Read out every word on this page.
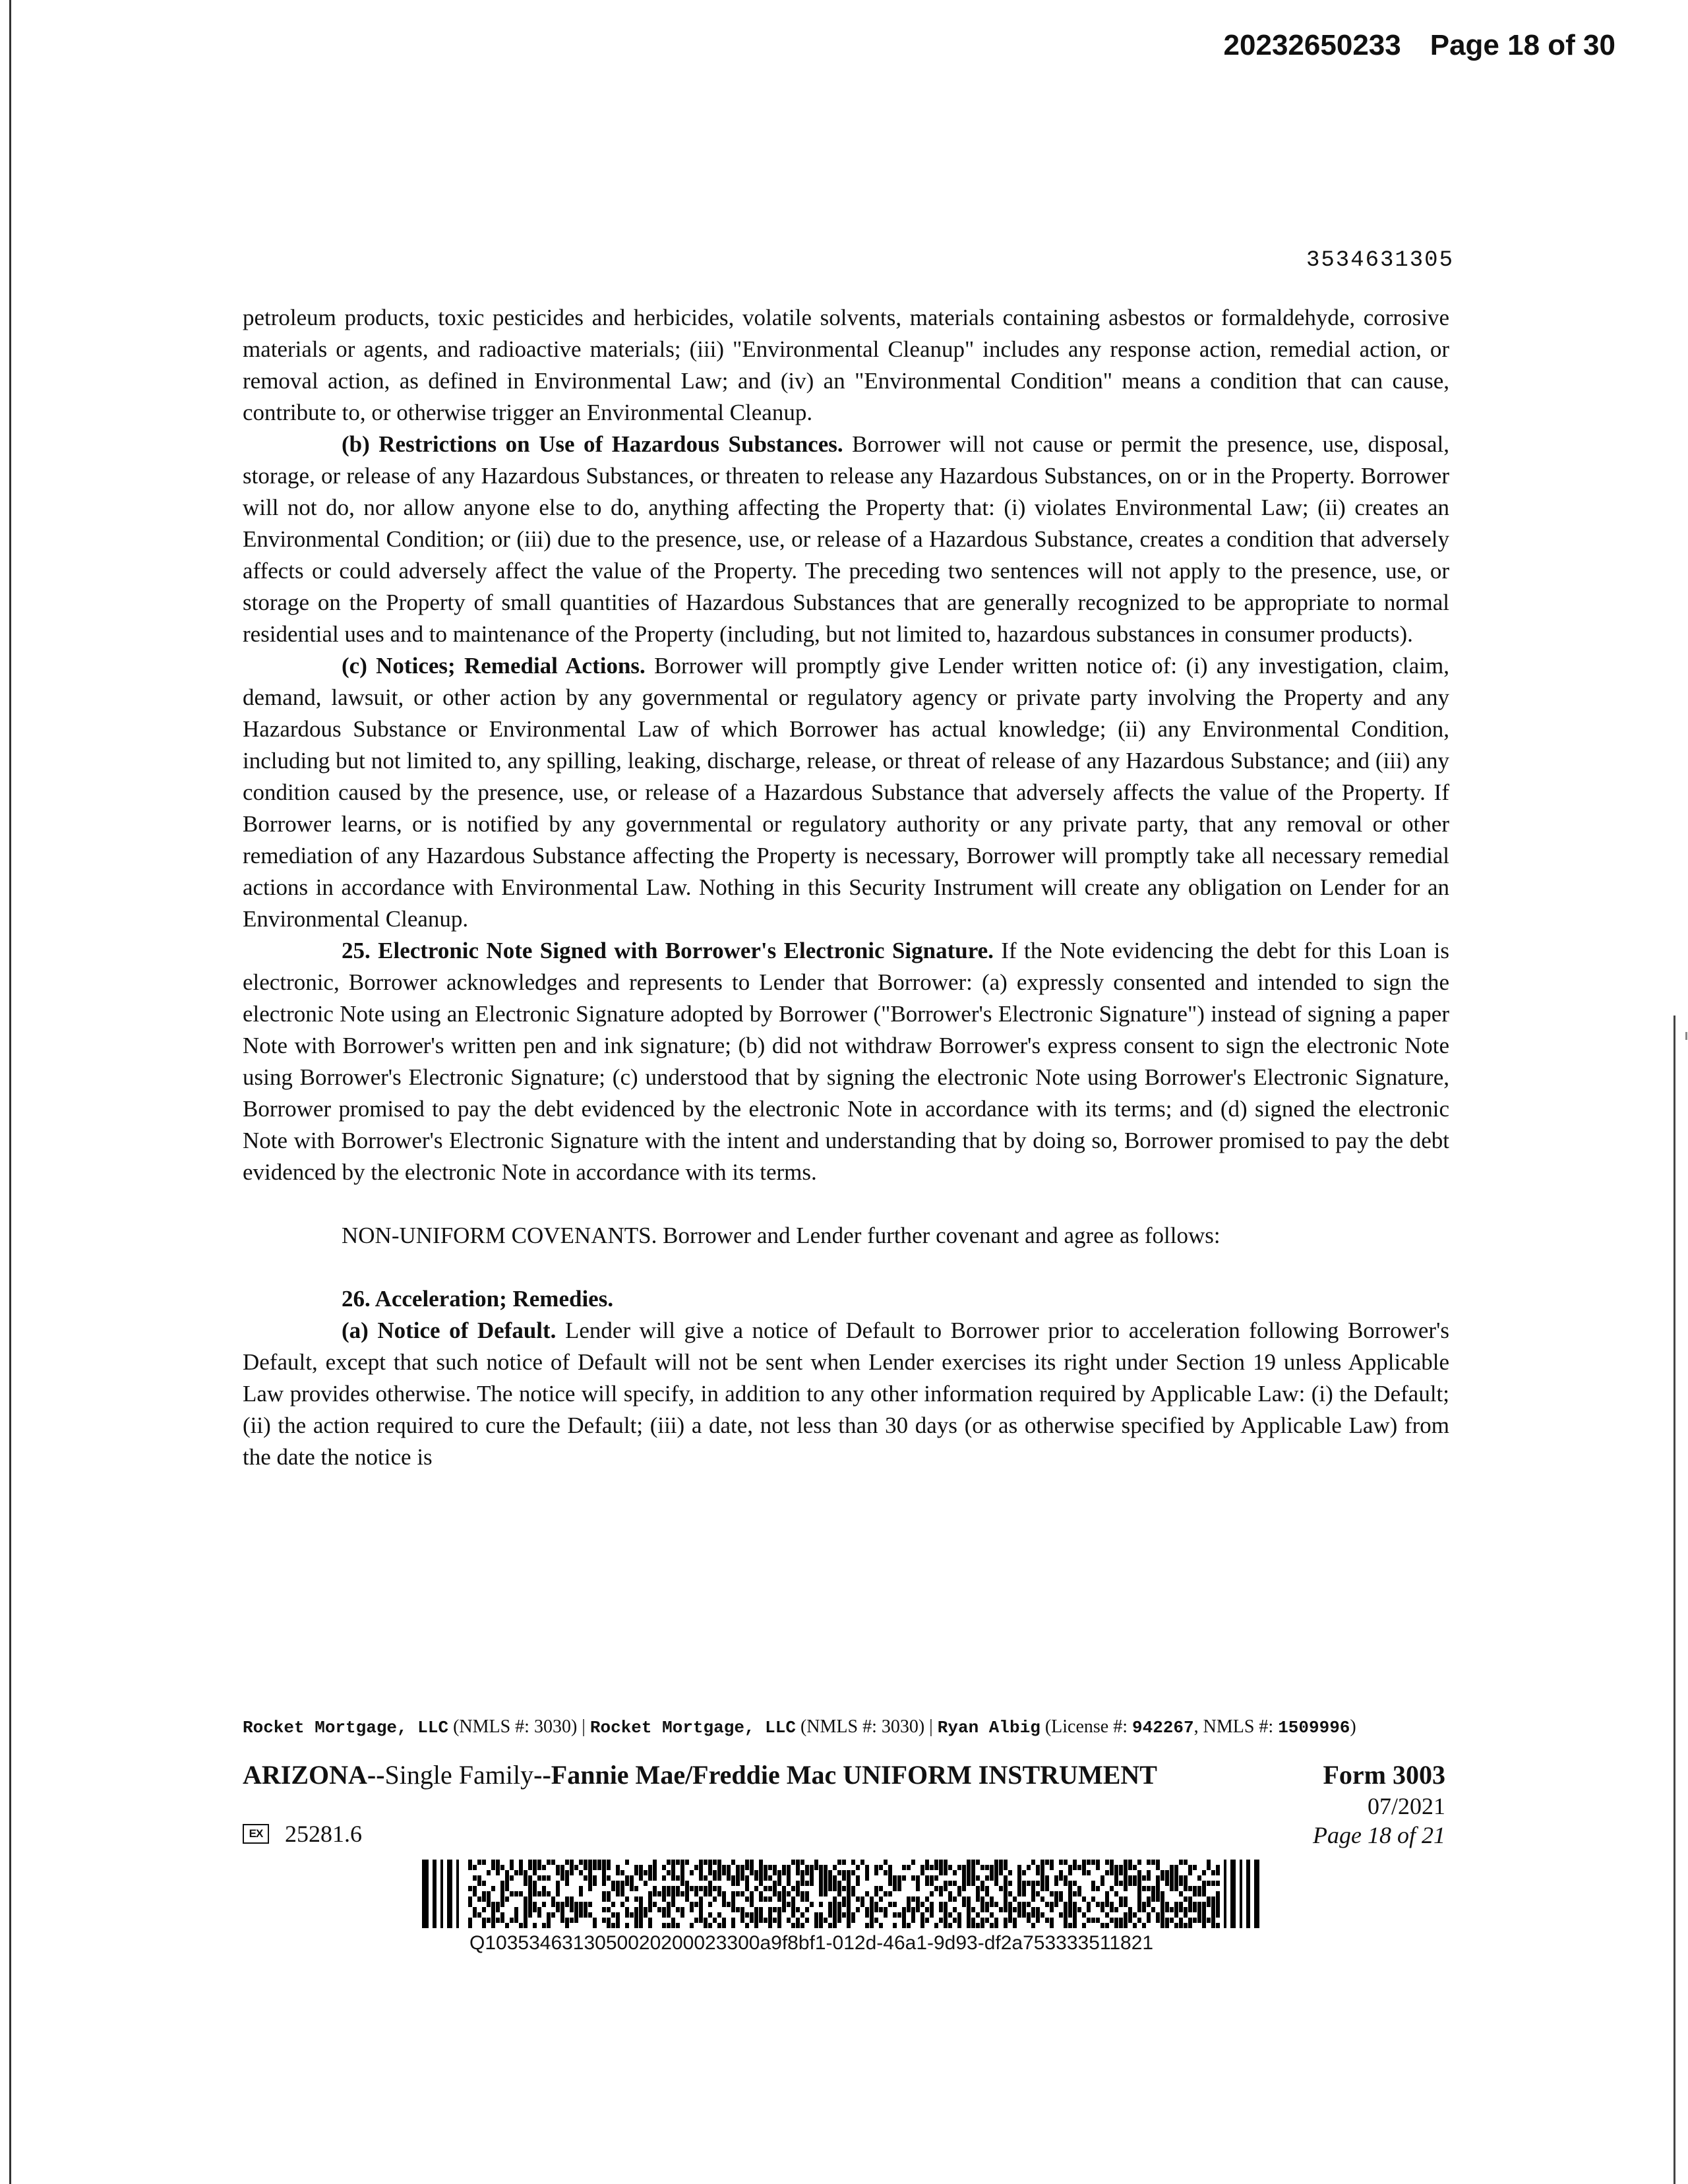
20232650233 Page 18 of 30
3534631305

petroleum products, toxic pesticides and herbicides, volatile solvents, materials containing asbestos or formaldehyde, corrosive materials or agents, and radioactive materials; (iii) "Environmental Cleanup" includes any response action, remedial action, or removal action, as defined in Environmental Law; and (iv) an "Environmental Condition" means a condition that can cause, contribute to, or otherwise trigger an Environmental Cleanup.

(b) Restrictions on Use of Hazardous Substances. Borrower will not cause or permit the presence, use, disposal, storage, or release of any Hazardous Substances, or threaten to release any Hazardous Substances, on or in the Property. Borrower will not do, nor allow anyone else to do, anything affecting the Property that: (i) violates Environmental Law; (ii) creates an Environmental Condition; or (iii) due to the presence, use, or release of a Hazardous Substance, creates a condition that adversely affects or could adversely affect the value of the Property. The preceding two sentences will not apply to the presence, use, or storage on the Property of small quantities of Hazardous Substances that are generally recognized to be appropriate to normal residential uses and to maintenance of the Property (including, but not limited to, hazardous substances in consumer products).

(c) Notices; Remedial Actions. Borrower will promptly give Lender written notice of: (i) any investigation, claim, demand, lawsuit, or other action by any governmental or regulatory agency or private party involving the Property and any Hazardous Substance or Environmental Law of which Borrower has actual knowledge; (ii) any Environmental Condition, including but not limited to, any spilling, leaking, discharge, release, or threat of release of any Hazardous Substance; and (iii) any condition caused by the presence, use, or release of a Hazardous Substance that adversely affects the value of the Property. If Borrower learns, or is notified by any governmental or regulatory authority or any private party, that any removal or other remediation of any Hazardous Substance affecting the Property is necessary, Borrower will promptly take all necessary remedial actions in accordance with Environmental Law. Nothing in this Security Instrument will create any obligation on Lender for an Environmental Cleanup.

25. Electronic Note Signed with Borrower's Electronic Signature. If the Note evidencing the debt for this Loan is electronic, Borrower acknowledges and represents to Lender that Borrower: (a) expressly consented and intended to sign the electronic Note using an Electronic Signature adopted by Borrower ("Borrower's Electronic Signature") instead of signing a paper Note with Borrower's written pen and ink signature; (b) did not withdraw Borrower's express consent to sign the electronic Note using Borrower's Electronic Signature; (c) understood that by signing the electronic Note using Borrower's Electronic Signature, Borrower promised to pay the debt evidenced by the electronic Note in accordance with its terms; and (d) signed the electronic Note with Borrower's Electronic Signature with the intent and understanding that by doing so, Borrower promised to pay the debt evidenced by the electronic Note in accordance with its terms.

NON-UNIFORM COVENANTS. Borrower and Lender further covenant and agree as follows:

26. Acceleration; Remedies.

(a) Notice of Default. Lender will give a notice of Default to Borrower prior to acceleration following Borrower's Default, except that such notice of Default will not be sent when Lender exercises its right under Section 19 unless Applicable Law provides otherwise. The notice will specify, in addition to any other information required by Applicable Law: (i) the Default; (ii) the action required to cure the Default; (iii) a date, not less than 30 days (or as otherwise specified by Applicable Law) from the date the notice is

Rocket Mortgage, LLC (NMLS #: 3030) | Rocket Mortgage, LLC (NMLS #: 3030) | Ryan Albig (License #: 942267, NMLS #: 1509996)
ARIZONA--Single Family--Fannie Mae/Freddie Mac UNIFORM INSTRUMENT	Form 3003
07/2021
Page 18 of 21
EX 25281.6
Q1035346313050020200023300a9f8bf1-012d-46a1-9d93-df2a753333511821
